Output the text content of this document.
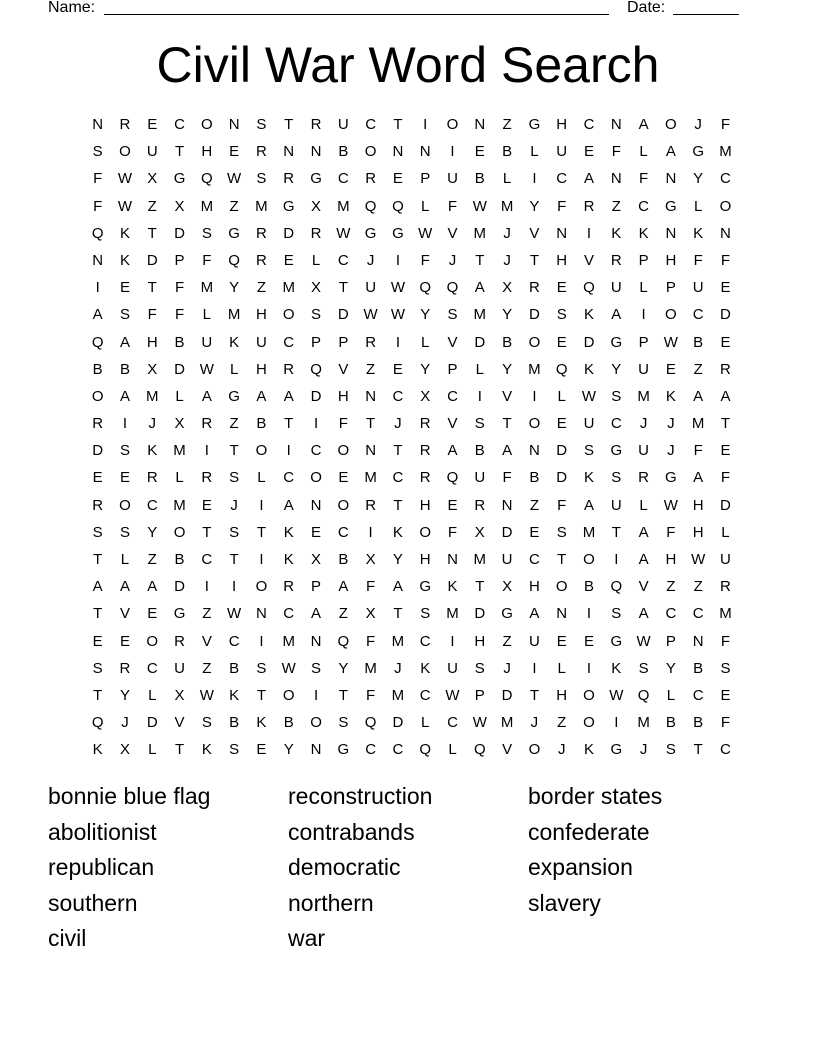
Name:	Date:
Civil War Word Search
N	R	E	C	O	N	S	T	R	U	C	T	I	O	N	Z	G	H	C	N	A	O	J	F
S	O	U	T	H	E	R	N	N	B	O	N	N	I	E	B	L	U	E	F	L	A	G	M
F	W	X	G	Q W	S	R	G	C	R	E	P	U	B	L	I	C	A	N	F	N	Y	C
F	W	Z	X	M	Z	M	G	X	M	Q	Q	L	F	W M	Y	F	R	Z	C	G	L	O
Q	K	T	D	S	G	R	D	R W G	G W	V	M	J	V	N	I	K	K	N	K	N
N	K	D	P	F	Q	R	E	L	C	J	I	F	J	T	J	T	H	V	R	P	H	F	F
I	E	T	F	M	Y	Z	M	X	T	U W Q	Q	A	X	R	E	Q	U	L	P	U	E
A	S	F	F	L	M	H	O	S	D W W	Y	S	M	Y	D	S	K	A	I	O	C	D
Q	A	H	B	U	K	U	C	P	P	R	I	L	V	D	B	O	E	D	G	P	W	B	E
B	B	X	D W	L	H	R	Q	V	Z	E	Y	P	L	Y	M	Q	K	Y	U	E	Z	R
O	A	M	L	A	G	A	A	D	H	N	C	X	C	I	V	I	L	W	S	M	K	A	A
R	I	J	X	R	Z	B	T	I	F	T	J	R	V	S	T	O	E	U	C	J	J	M	T
D	S	K	M	I	T	O	I	C	O	N	T	R	A	B	A	N	D	S	G	U	J	F	E
E	E	R	L	R	S	L	C	O	E	M	C	R	Q	U	F	B	D	K	S	R	G	A	F
R	O	C	M	E	J	I	A	N	O	R	T	H	E	R	N	Z	F	A	U	L	W H	D
S	S	Y	O	T	S	T	K	E	C	I	K	O	F	X	D	E	S	M	T	A	F	H	L
T	L	Z	B	C	T	I	K	X	B	X	Y	H	N	M	U	C	T	O	I	A	H W U
A	A	A	D	I	I	O	R	P	A	F	A	G	K	T	X	H	O	B	Q	V	Z	Z	R
T	V	E	G	Z	W N	C	A	Z	X	T	S	M	D	G	A	N	I	S	A	C	C	M
E	E	O	R	V	C	I	M	N	Q	F	M	C	I	H	Z	U	E	E	G W	P	N	F
S	R	C	U	Z	B	S	W	S	Y	M	J	K	U	S	J	I	L	I	K	S	Y	B	S
T	Y	L	X	W	K	T	O	I	T	F	M	C W	P	D	T	H	O W Q	L	C	E
Q	J	D	V	S	B	K	B	O	S	Q	D	L	C W M	J	Z	O	I	M	B	B	F
K	X	L	T	K	S	E	Y	N	G	C	C	Q	L	Q	V	O	J	K	G	J	S	T	C
bonnie blue flag
abolitionist
republican
southern
civil
reconstruction
contrabands
democratic
northern
war
border states
confederate
expansion
slavery
